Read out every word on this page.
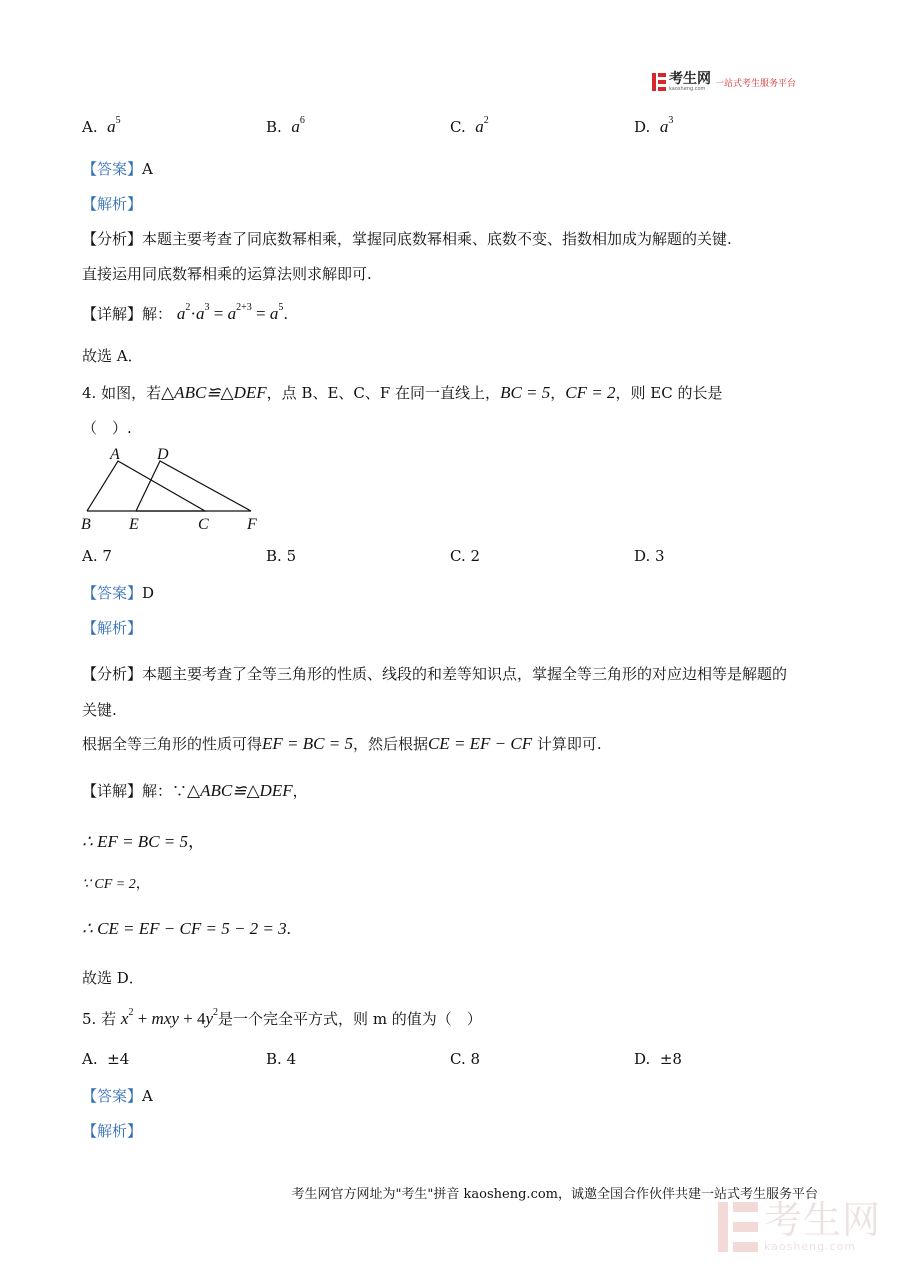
考生网
kaosheng.com
一站式考生服务平台
A. $a^5$	B. $a^6$	C. $a^2$	D. $a^3$
【答案】A
【解析】
【分析】本题主要考查了同底数幂相乘，掌握同底数幂相乘、底数不变、指数相加成为解题的关键.
直接运用同底数幂相乘的运算法则求解即可.
【详解】解： $a^2\cdot a^3 = a^{2+3} = a^5$.
故选 A．
4. 如图，若△ABC≌△DEF，点 B、E、C、F 在同一直线上，BC = 5，CF = 2，则 EC 的长是
（　）.
A D
B E	C F
A. 7	B. 5	C. 2	D. 3
【答案】D
【解析】
【分析】本题主要考查了全等三角形的性质、线段的和差等知识点，掌握全等三角形的对应边相等是解题的
关键.
根据全等三角形的性质可得EF = BC = 5，然后根据CE = EF − CF 计算即可.
【详解】解：∵△ABC≌△DEF，
∴ EF = BC = 5，
∵ CF = 2，
∴ CE = EF − CF = 5 − 2 = 3.
故选 D．
5. 若 $x^2$ + mxy + $4y^2$是一个完全平方式，则 m 的值为（　）
A. ±4	B. 4	C. 8	D. ±8
【答案】A
【解析】
考生网官方网址为"考生"拼音 kaosheng.com，诚邀全国合作伙伴共建一站式考生服务平台
考生网
kaosheng.com
